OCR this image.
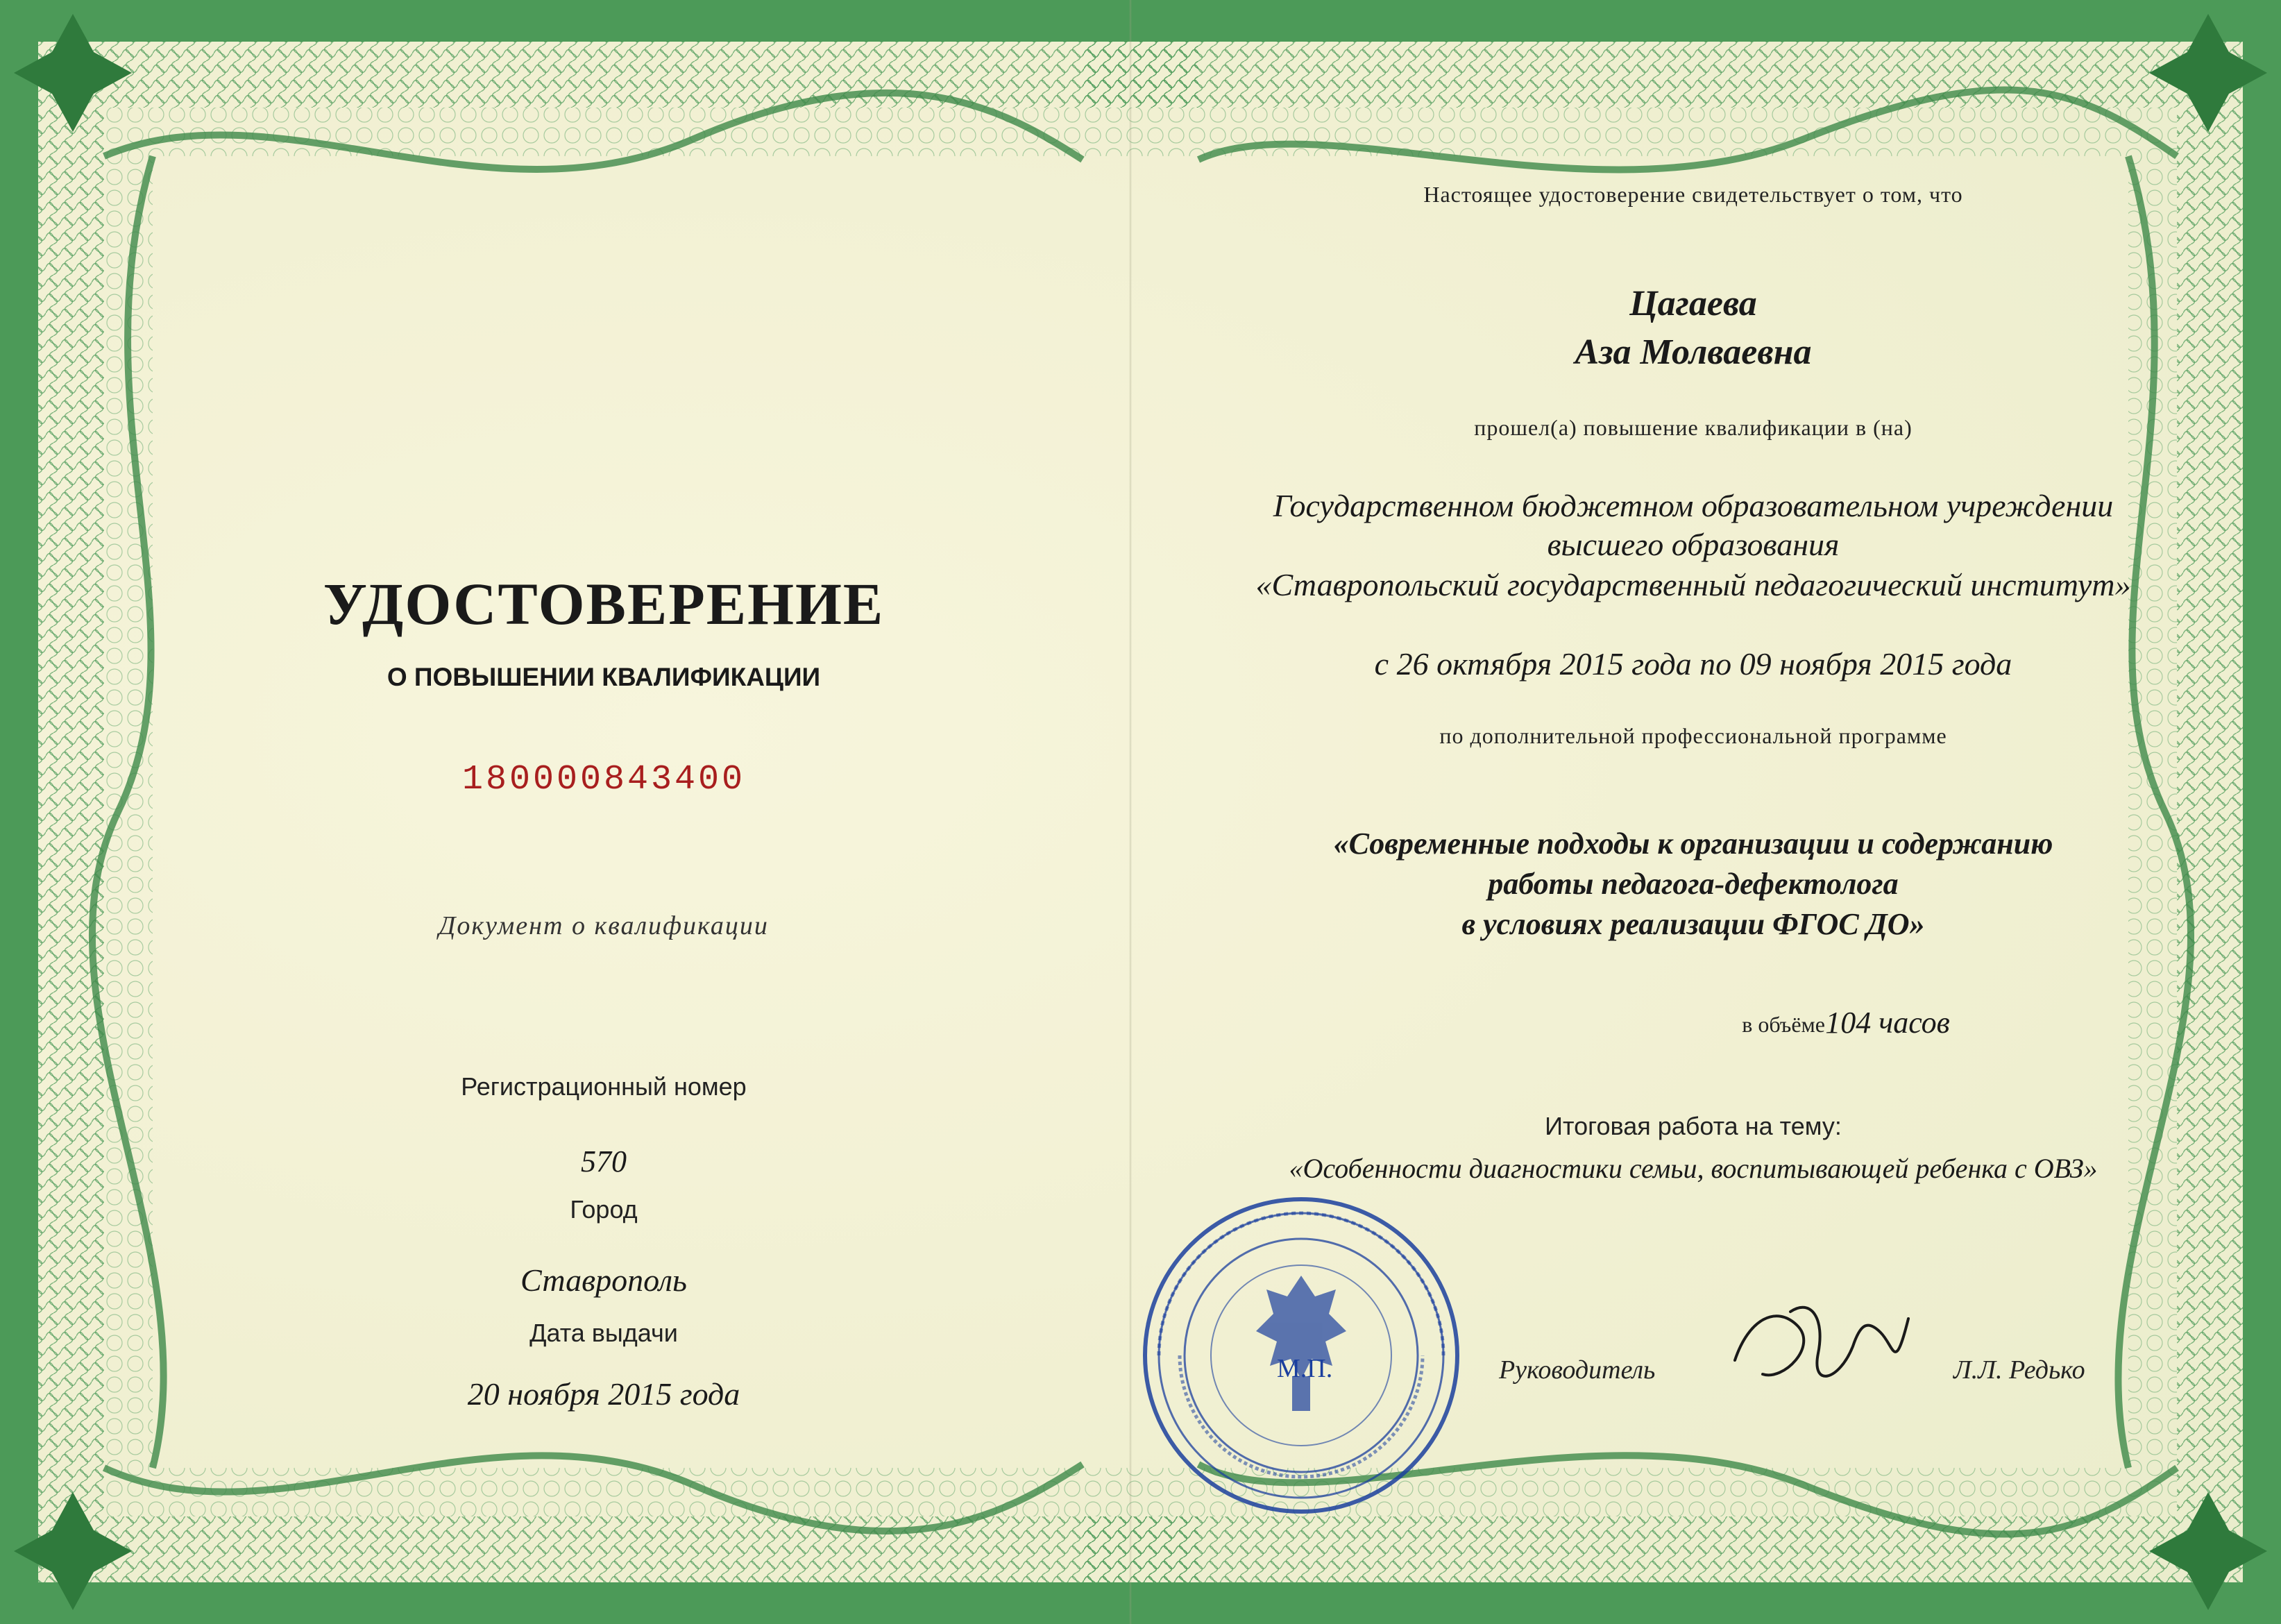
УДОСТОВЕРЕНИЕ
О ПОВЫШЕНИИ КВАЛИФИКАЦИИ
180000843400
Документ о квалификации
Регистрационный номер
570
Город
Ставрополь
Дата выдачи
20 ноября 2015 года
Настоящее удостоверение свидетельствует о том, что
Цагаева
Аза Молваевна
прошел(а) повышение квалификации в (на)
Государственном бюджетном образовательном учреждении
высшего образования
«Ставропольский государственный педагогический институт»
с 26 октября 2015 года по 09 ноября 2015 года
по дополнительной профессиональной программе
«Современные подходы к организации и содержанию
работы педагога-дефектолога
в условиях реализации ФГОС ДО»
в объёме 104 часов
Итоговая работа на тему:
«Особенности диагностики семьи, воспитывающей ребенка с ОВЗ»
М.П.	Руководитель	Л.Л. Редько
